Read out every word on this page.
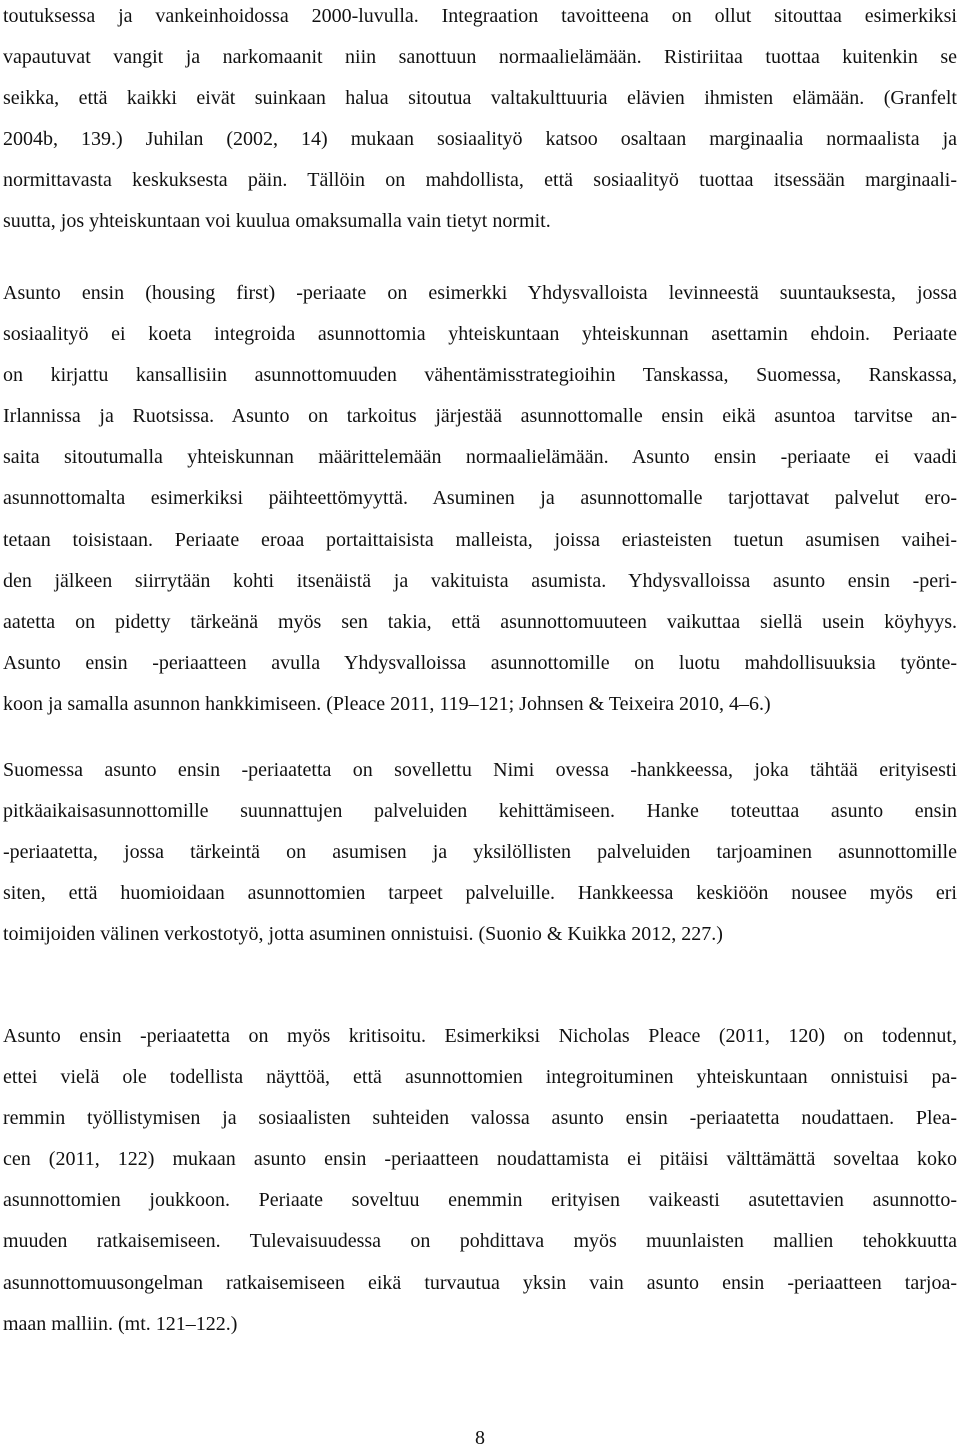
toutuksessa ja vankeinhoidossa 2000-luvulla. Integraation tavoitteena on ollut sitouttaa esimerkiksi
vapautuvat vangit ja narkomaanit niin sanottuun normaalielämään. Ristiriitaa tuottaa kuitenkin se
seikka, että kaikki eivät suinkaan halua sitoutua valtakulttuuria elävien ihmisten elämään. (Granfelt
2004b, 139.) Juhilan (2002, 14) mukaan sosiaalityö katsoo osaltaan marginaalia normaalista ja
normittavasta keskuksesta päin. Tällöin on mahdollista, että sosiaalityö tuottaa itsessään marginaali-
suutta, jos yhteiskuntaan voi kuulua omaksumalla vain tietyt normit.
Asunto ensin (housing first) -periaate on esimerkki Yhdysvalloista levinneestä suuntauksesta, jossa
sosiaalityö ei koeta integroida asunnottomia yhteiskuntaan yhteiskunnan asettamin ehdoin. Periaate
on kirjattu kansallisiin asunnottomuuden vähentämisstrategioihin Tanskassa, Suomessa, Ranskassa,
Irlannissa ja Ruotsissa. Asunto on tarkoitus järjestää asunnottomalle ensin eikä asuntoa tarvitse an-
saita sitoutumalla yhteiskunnan määrittelemään normaalielämään. Asunto ensin -periaate ei vaadi
asunnottomalta esimerkiksi päihteettömyyttä. Asuminen ja asunnottomalle tarjottavat palvelut ero-
tetaan toisistaan. Periaate eroaa portaittaisista malleista, joissa eriasteisten tuetun asumisen vaihei-
den jälkeen siirrytään kohti itsenäistä ja vakituista asumista. Yhdysvalloissa asunto ensin -peri-
aatetta on pidetty tärkeänä myös sen takia, että asunnottomuuteen vaikuttaa siellä usein köyhyys.
Asunto ensin -periaatteen avulla Yhdysvalloissa asunnottomille on luotu mahdollisuuksia työnte-
koon ja samalla asunnon hankkimiseen. (Pleace 2011, 119–121; Johnsen & Teixeira 2010, 4–6.)
Suomessa asunto ensin -periaatetta on sovellettu Nimi ovessa -hankkeessa, joka tähtää erityisesti
pitkäaikaisasunnottomille suunnattujen palveluiden kehittämiseen. Hanke toteuttaa asunto ensin
-periaatetta, jossa tärkeintä on asumisen ja yksilöllisten palveluiden tarjoaminen asunnottomille
siten, että huomioidaan asunnottomien tarpeet palveluille. Hankkeessa keskiöön nousee myös eri
toimijoiden välinen verkostotyö, jotta asuminen onnistuisi. (Suonio & Kuikka 2012, 227.)
Asunto ensin -periaatetta on myös kritisoitu. Esimerkiksi Nicholas Pleace (2011, 120) on todennut,
ettei vielä ole todellista näyttöä, että asunnottomien integroituminen yhteiskuntaan onnistuisi pa-
remmin työllistymisen ja sosiaalisten suhteiden valossa asunto ensin -periaatetta noudattaen. Plea-
cen (2011, 122) mukaan asunto ensin -periaatteen noudattamista ei pitäisi välttämättä soveltaa koko
asunnottomien joukkoon. Periaate soveltuu enemmin erityisen vaikeasti asutettavien asunnotto-
muuden ratkaisemiseen. Tulevaisuudessa on pohdittava myös muunlaisten mallien tehokkuutta
asunnottomuusongelman ratkaisemiseen eikä turvautua yksin vain asunto ensin -periaatteen tarjoa-
maan malliin. (mt. 121–122.)
8
